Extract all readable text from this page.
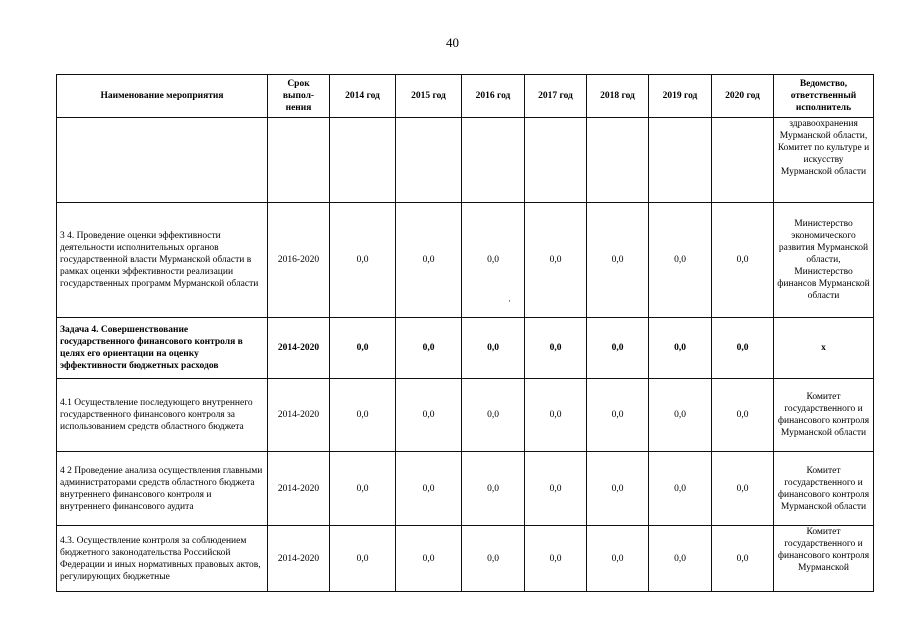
40
Наименование мероприятия	Срок выпол-нения	2014 год	2015 год	2016 год	2017 год	2018 год	2019 год	2020 год	Ведомство, ответственный исполнитель
									здравоохранения Мурманской области, Комитет по культуре и искусству Мурманской области
3 4. Проведение оценки эффективности деятельности исполнительных органов государственной власти Мурманской области в рамках оценки эффективности реализации государственных программ Мурманской области	2016-2020	0,0	0,0	0,0	0,0	0,0	0,0	0,0	Министерство экономического развития Мурманской области, Министерство финансов Мурманской области
Задача 4. Совершенствование государственного финансового контроля в целях его ориентации на оценку эффективности бюджетных расходов	2014-2020	0,0	0,0	0,0	0,0	0,0	0,0	0,0	х
4.1 Осуществление последующего внутреннего государственного финансового контроля за использованием средств областного бюджета	2014-2020	0,0	0,0	0,0	0,0	0,0	0,0	0,0	Комитет государственного и финансового контроля Мурманской области
4 2 Проведение анализа осуществления главными администраторами средств областного бюджета внутреннего финансового контроля и внутреннего финансового аудита	2014-2020	0,0	0,0	0,0	0,0	0,0	0,0	0,0	Комитет государственного и финансового контроля Мурманской области
4.3. Осуществление контроля за соблюдением бюджетного законодательства Российской Федерации и иных нормативных правовых актов, регулирующих бюджетные	2014-2020	0,0	0,0	0,0	0,0	0,0	0,0	0,0	Комитет государственного и финансового контроля Мурманской
·
